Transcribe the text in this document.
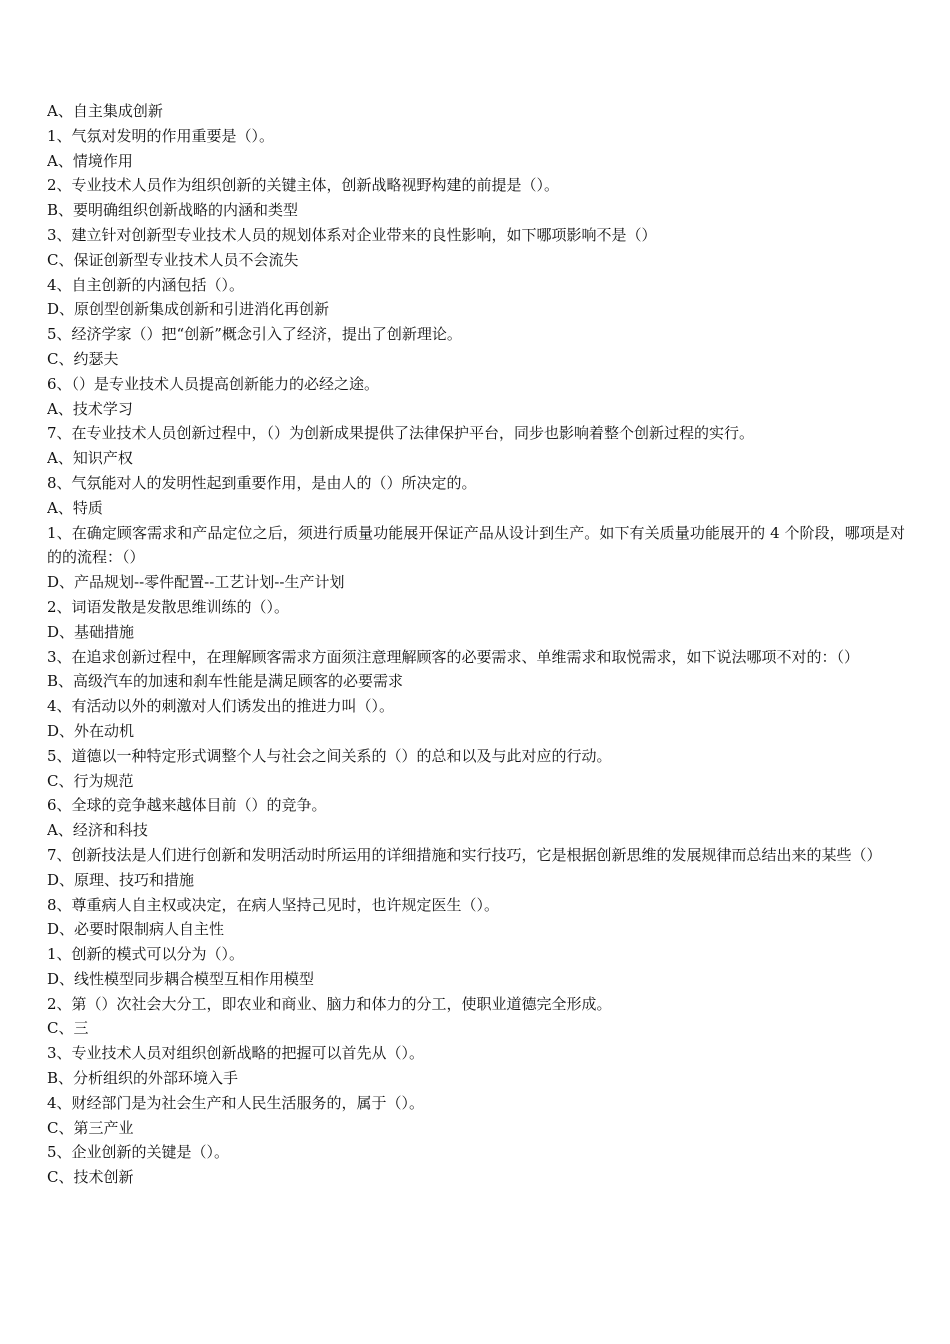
A、自主集成创新

1、气氛对发明的作用重要是（）。

A、情境作用

2、专业技术人员作为组织创新的关键主体，创新战略视野构建的前提是（）。

B、要明确组织创新战略的内涵和类型

3、建立针对创新型专业技术人员的规划体系对企业带来的良性影响，如下哪项影响不是（）

C、保证创新型专业技术人员不会流失

4、自主创新的内涵包括（）。

D、原创型创新集成创新和引进消化再创新

5、经济学家（）把“创新”概念引入了经济，提出了创新理论。

C、约瑟夫

6、（）是专业技术人员提高创新能力的必经之途。

A、技术学习

7、在专业技术人员创新过程中，（）为创新成果提供了法律保护平台，同步也影响着整个创新过程的实行。

A、知识产权

8、气氛能对人的发明性起到重要作用，是由人的（）所决定的。

A、特质

1、在确定顾客需求和产品定位之后，须进行质量功能展开保证产品从设计到生产。如下有关质量功能展开的 4 个阶段，哪项是对的的流程：（）

D、产品规划--零件配置--工艺计划--生产计划

2、词语发散是发散思维训练的（）。

D、基础措施

3、在追求创新过程中，在理解顾客需求方面须注意理解顾客的必要需求、单维需求和取悦需求，如下说法哪项不对的：（）

B、高级汽车的加速和刹车性能是满足顾客的必要需求

4、有活动以外的刺激对人们诱发出的推进力叫（）。

D、外在动机

5、道德以一种特定形式调整个人与社会之间关系的（）的总和以及与此对应的行动。

C、行为规范

6、全球的竞争越来越体目前（）的竞争。

A、经济和科技

7、创新技法是人们进行创新和发明活动时所运用的详细措施和实行技巧，它是根据创新思维的发展规律而总结出来的某些（）

D、原理、技巧和措施

8、尊重病人自主权或决定，在病人坚持己见时，也许规定医生（）。

D、必要时限制病人自主性

1、创新的模式可以分为（）。

D、线性模型同步耦合模型互相作用模型

2、第（）次社会大分工，即农业和商业、脑力和体力的分工，使职业道德完全形成。

C、三

3、专业技术人员对组织创新战略的把握可以首先从（）。

B、分析组织的外部环境入手

4、财经部门是为社会生产和人民生活服务的，属于（）。

C、第三产业

5、企业创新的关键是（）。

C、技术创新
